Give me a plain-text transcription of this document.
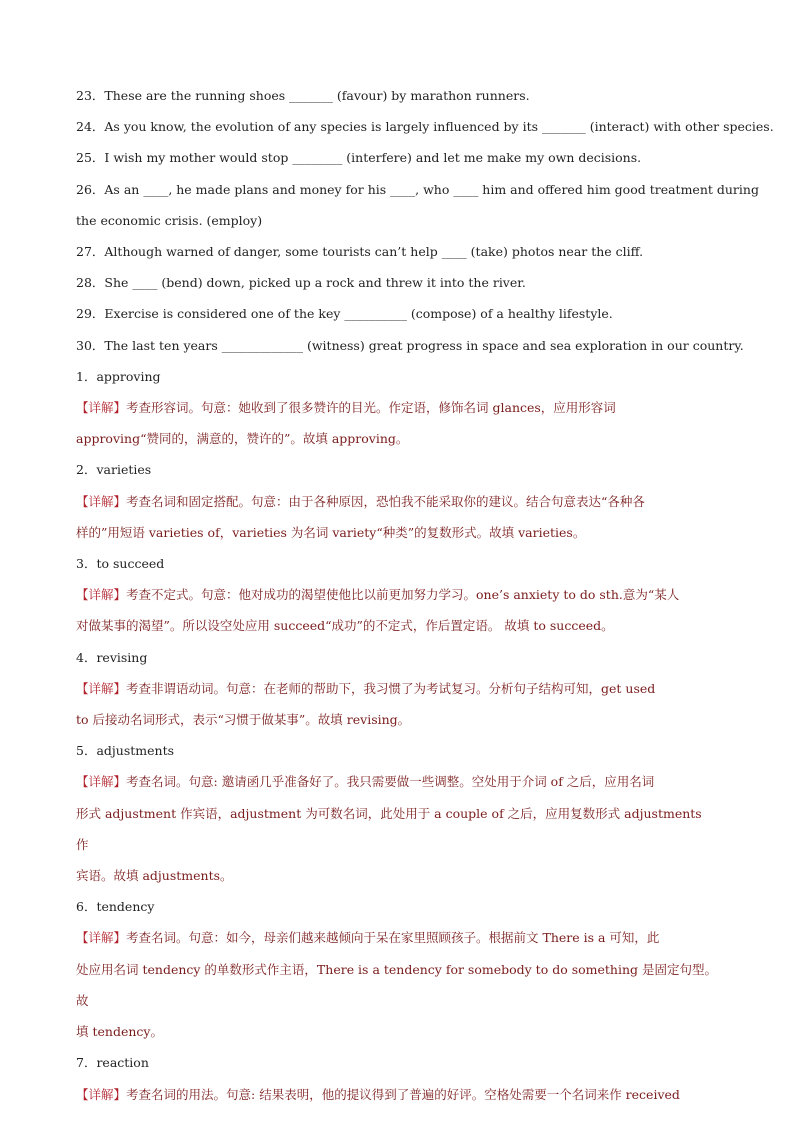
23．These are the running shoes _______ (favour) by marathon runners.
24．As you know, the evolution of any species is largely influenced by its _______ (interact) with other species.
25．I wish my mother would stop ________ (interfere) and let me make my own decisions.
26．As an ____, he made plans and money for his ____, who ____ him and offered him good treatment during
the economic crisis. (employ)
27．Although warned of danger, some tourists can’t help ____ (take) photos near the cliff.
28．She ____ (bend) down, picked up a rock and threw it into the river.
29．Exercise is considered one of the key __________ (compose) of a healthy lifestyle.
30．The last ten years _____________ (witness) great progress in space and sea exploration in our country.
1．approving
【详解】考查形容词。句意：她收到了很多赞许的目光。作定语，修饰名词 glances，应用形容词
approving“赞同的，满意的，赞许的”。故填 approving。
2．varieties
【详解】考查名词和固定搭配。句意：由于各种原因，恐怕我不能采取你的建议。结合句意表达“各种各
样的”用短语 varieties of，varieties 为名词 variety“种类”的复数形式。故填 varieties。
3．to succeed
【详解】考查不定式。句意：他对成功的渴望使他比以前更加努力学习。one’s anxiety to do sth.意为“某人
对做某事的渴望”。所以设空处应用 succeed“成功”的不定式，作后置定语。 故填 to succeed。
4．revising
【详解】考查非谓语动词。句意：在老师的帮助下，我习惯了为考试复习。分析句子结构可知，get used
to 后接动名词形式，表示“习惯于做某事”。故填 revising。
5．adjustments
【详解】考查名词。句意: 邀请函几乎准备好了。我只需要做一些调整。空处用于介词 of 之后，应用名词
形式 adjustment 作宾语，adjustment 为可数名词，此处用于 a couple of 之后，应用复数形式 adjustments 作
宾语。故填 adjustments。
6．tendency
【详解】考查名词。句意：如今，母亲们越来越倾向于呆在家里照顾孩子。根据前文 There is a 可知，此
处应用名词 tendency 的单数形式作主语，There is a tendency for somebody to do something 是固定句型。故
填 tendency。
7．reaction
【详解】考查名词的用法。句意: 结果表明，他的提议得到了普遍的好评。空格处需要一个名词来作 received
